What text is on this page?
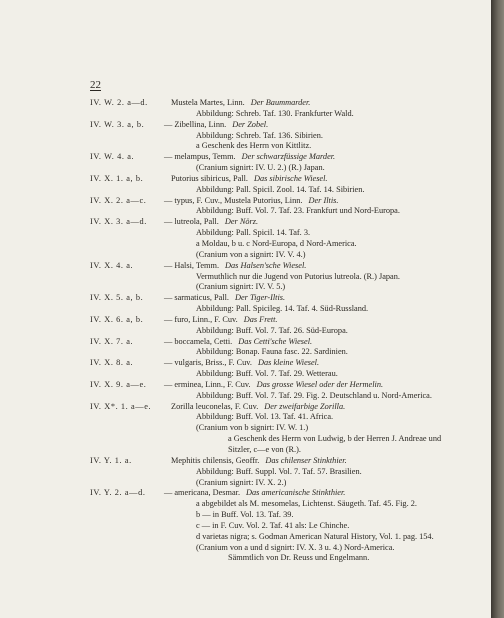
22
IV. W. 2. a—d.	Mustela Martes, Linn. Der Baummarder.
Abbildung: Schreb. Taf. 130. Frankfurter Wald.
IV. W. 3. a, b. — Zibellina, Linn. Der Zobel.
Abbildung: Schreb. Taf. 136. Sibirien.
a Geschenk des Herrn von Kittlitz.
IV. W. 4. a.	— melampus, Temm. Der schwarzfüssige Marder.
(Cranium signirt: IV. U. 2.) (R.) Japan.
IV. X. 1. a, b.	Putorius sibiricus, Pall. Das sibirische Wiesel.
Abbildung: Pall. Spicil. Zool. 14. Taf. 14. Sibirien.
IV. X. 2. a—c. — typus, F. Cuv., Mustela Putorius, Linn. Der Iltis.
Abbildung: Buff. Vol. 7. Taf. 23. Frankfurt und Nord-Europa.
IV. X. 3. a—d. — lutreola, Pall. Der Nörz.
Abbildung: Pall. Spicil. 14. Taf. 3.
a Moldau, b u. c Nord-Europa, d Nord-America.
(Cranium von a signirt: IV. V. 4.)
IV. X. 4. a.	— Halsi, Temm. Das Halsen'sche Wiesel.
Vermuthlich nur die Jugend von Putorius lutreola. (R.) Japan.
(Cranium signirt: IV. V. 5.)
IV. X. 5. a, b. — sarmaticus, Pall. Der Tiger-Iltis.
Abbildung: Pall. Spicileg. 14. Taf. 4. Süd-Russland.
IV. X. 6. a, b. — furo, Linn., F. Cuv. Das Frett.
Abbildung: Buff. Vol. 7. Taf. 26. Süd-Europa.
IV. X. 7. a.	— boccamela, Cetti. Das Cetti'sche Wiesel.
Abbildung: Bonap. Fauna fasc. 22. Sardinien.
IV. X. 8. a.	— vulgaris, Briss., F. Cuv. Das kleine Wiesel.
Abbildung: Buff. Vol. 7. Taf. 29. Wetterau.
IV. X. 9. a—e. — erminea, Linn., F. Cuv. Das grosse Wiesel oder der Hermelin.
Abbildung: Buff. Vol. 7. Taf. 29. Fig. 2. Deutschland u. Nord-America.
IV. X*. 1. a—e. Zorilla leuconelas, F. Cuv. Der zweifarbige Zorilla.
Abbildung: Buff. Vol. 13. Taf. 41. Africa.
(Cranium von b signirt: IV. W. 1.)
a Geschenk des Herrn von Ludwig, b der Herren J. Andreae und
Sitzler, c—e von (R.).
IV. Y. 1. a.	Mephitis chilensis, Geoffr. Das chilenser Stinkthier.
Abbildung: Buff. Suppl. Vol. 7. Taf. 57. Brasilien.
(Cranium signirt: IV. X. 2.)
IV. Y. 2. a—d. — americana, Desmar. Das americanische Stinkthier.
a abgebildet als M. mesomelas, Lichtenst. Säugeth. Taf. 45. Fig. 2.
b — in Buff. Vol. 13. Taf. 39.
c — in F. Cuv. Vol. 2. Taf. 41 als: Le Chinche.
d varietas nigra; s. Godman American Natural History, Vol. 1. pag. 154.
(Cranium von a und d signirt: IV. X. 3 u. 4.) Nord-America.
Sämmtlich von Dr. Reuss und Engelmann.
